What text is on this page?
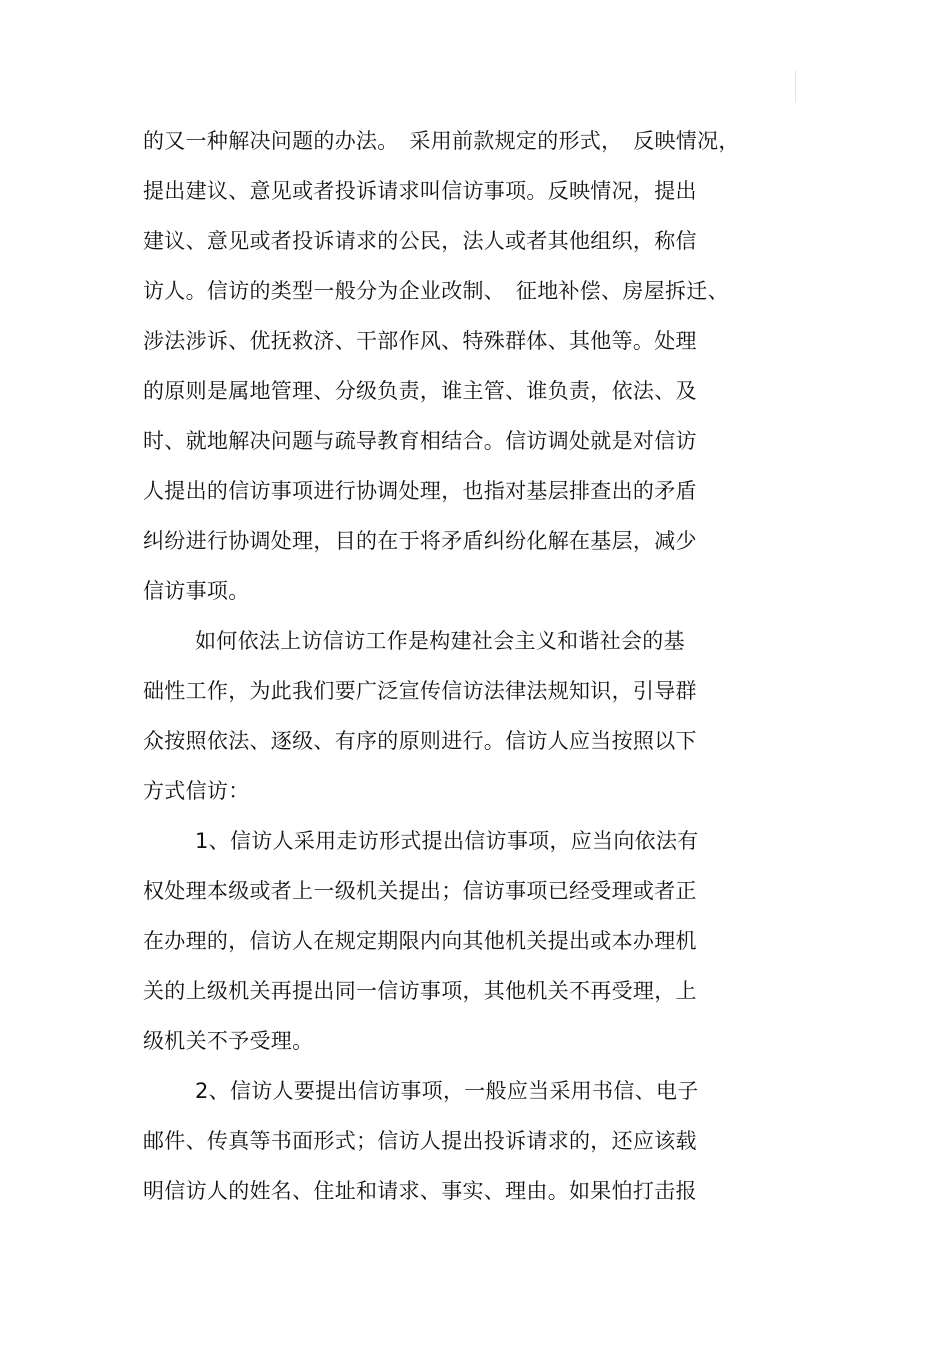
的又一种解决问题的办法。　采用前款规定的形式，　反映情况，
提出建议、意见或者投诉请求叫信访事项。反映情况，提出
建议、意见或者投诉请求的公民，法人或者其他组织，称信
访人。信访的类型一般分为企业改制、　征地补偿、房屋拆迁、
涉法涉诉、优抚救济、干部作风、特殊群体、其他等。处理
的原则是属地管理、分级负责，谁主管、谁负责，依法、及
时、就地解决问题与疏导教育相结合。信访调处就是对信访
人提出的信访事项进行协调处理，也指对基层排查出的矛盾
纠纷进行协调处理，目的在于将矛盾纠纷化解在基层，减少
信访事项。
如何依法上访信访工作是构建社会主义和谐社会的基
础性工作，为此我们要广泛宣传信访法律法规知识，引导群
众按照依法、逐级、有序的原则进行。信访人应当按照以下
方式信访：
1、信访人采用走访形式提出信访事项，应当向依法有
权处理本级或者上一级机关提出；信访事项已经受理或者正
在办理的，信访人在规定期限内向其他机关提出或本办理机
关的上级机关再提出同一信访事项，其他机关不再受理，上
级机关不予受理。
2、信访人要提出信访事项，一般应当采用书信、电子
邮件、传真等书面形式；信访人提出投诉请求的，还应该载
明信访人的姓名、住址和请求、事实、理由。如果怕打击报
